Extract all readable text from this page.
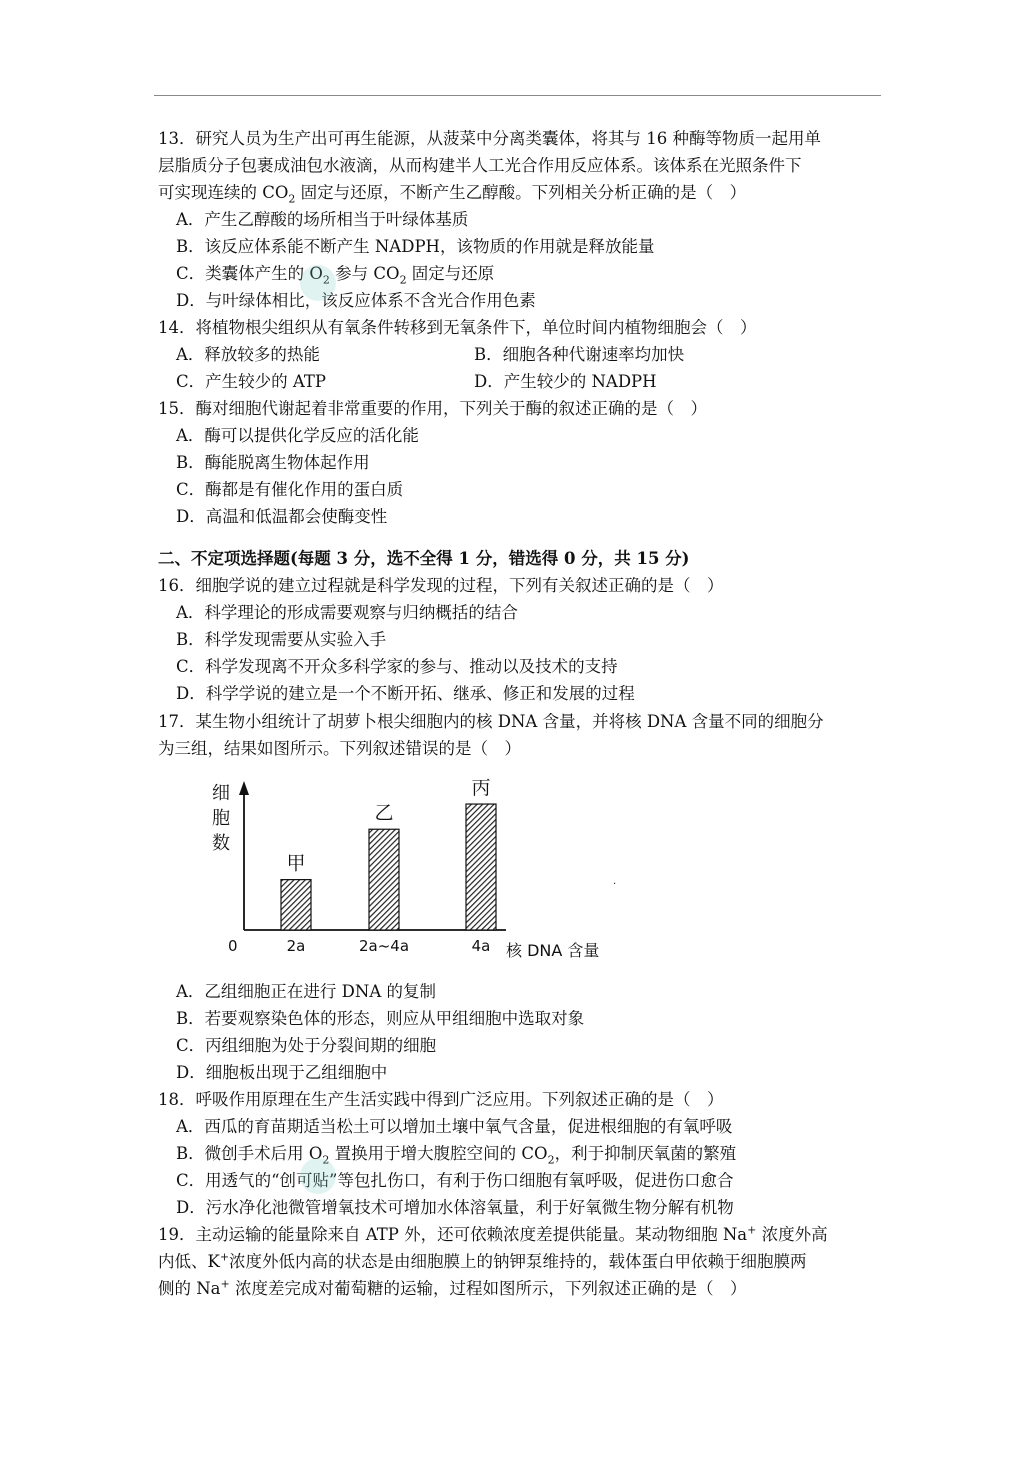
13．研究人员为生产出可再生能源，从菠菜中分离类囊体，将其与 16 种酶等物质一起用单
层脂质分子包裹成油包水液滴，从而构建半人工光合作用反应体系。该体系在光照条件下
可实现连续的 $CO_2$ 固定与还原，不断产生乙醇酸。下列相关分析正确的是（　）
A．产生乙醇酸的场所相当于叶绿体基质
B．该反应体系能不断产生 NADPH，该物质的作用就是释放能量
C．类囊体产生的 $O_2$ 参与 $CO_2$ 固定与还原
D．与叶绿体相比，该反应体系不含光合作用色素
14．将植物根尖组织从有氧条件转移到无氧条件下，单位时间内植物细胞会（　）
A．释放较多的热能	B．细胞各种代谢速率均加快
C．产生较少的 ATP	D．产生较少的 NADPH
15．酶对细胞代谢起着非常重要的作用，下列关于酶的叙述正确的是（　）
A．酶可以提供化学反应的活化能
B．酶能脱离生物体起作用
C．酶都是有催化作用的蛋白质
D．高温和低温都会使酶变性
二、不定项选择题(每题 3 分，选不全得 1 分，错选得 0 分，共 15 分)
16．细胞学说的建立过程就是科学发现的过程，下列有关叙述正确的是（　）
A．科学理论的形成需要观察与归纳概括的结合
B．科学发现需要从实验入手
C．科学发现离不开众多科学家的参与、推动以及技术的支持
D．科学学说的建立是一个不断开拓、继承、修正和发展的过程
17．某生物小组统计了胡萝卜根尖细胞内的核 DNA 含量，并将核 DNA 含量不同的细胞分
为三组，结果如图所示。下列叙述错误的是（　）
细
胞
数
0	核 DNA 含量
甲
2a
乙
2a~4a
丙
4a
·
A．乙组细胞正在进行 DNA 的复制
B．若要观察染色体的形态，则应从甲组细胞中选取对象
C．丙组细胞为处于分裂间期的细胞
D．细胞板出现于乙组细胞中
18．呼吸作用原理在生产生活实践中得到广泛应用。下列叙述正确的是（　）
A．西瓜的育苗期适当松土可以增加土壤中氧气含量，促进根细胞的有氧呼吸
B．微创手术后用 $O_2$ 置换用于增大腹腔空间的 $CO_2$，利于抑制厌氧菌的繁殖
C．用透气的“创可贴”等包扎伤口，有利于伤口细胞有氧呼吸，促进伤口愈合
D．污水净化池微管增氧技术可增加水体溶氧量，利于好氧微生物分解有机物
19．主动运输的能量除来自 ATP 外，还可依赖浓度差提供能量。某动物细胞 Na+ 浓度外高
内低、K+浓度外低内高的状态是由细胞膜上的钠钾泵维持的，载体蛋白甲依赖于细胞膜两
侧的 Na+ 浓度差完成对葡萄糖的运输，过程如图所示，下列叙述正确的是（　）
